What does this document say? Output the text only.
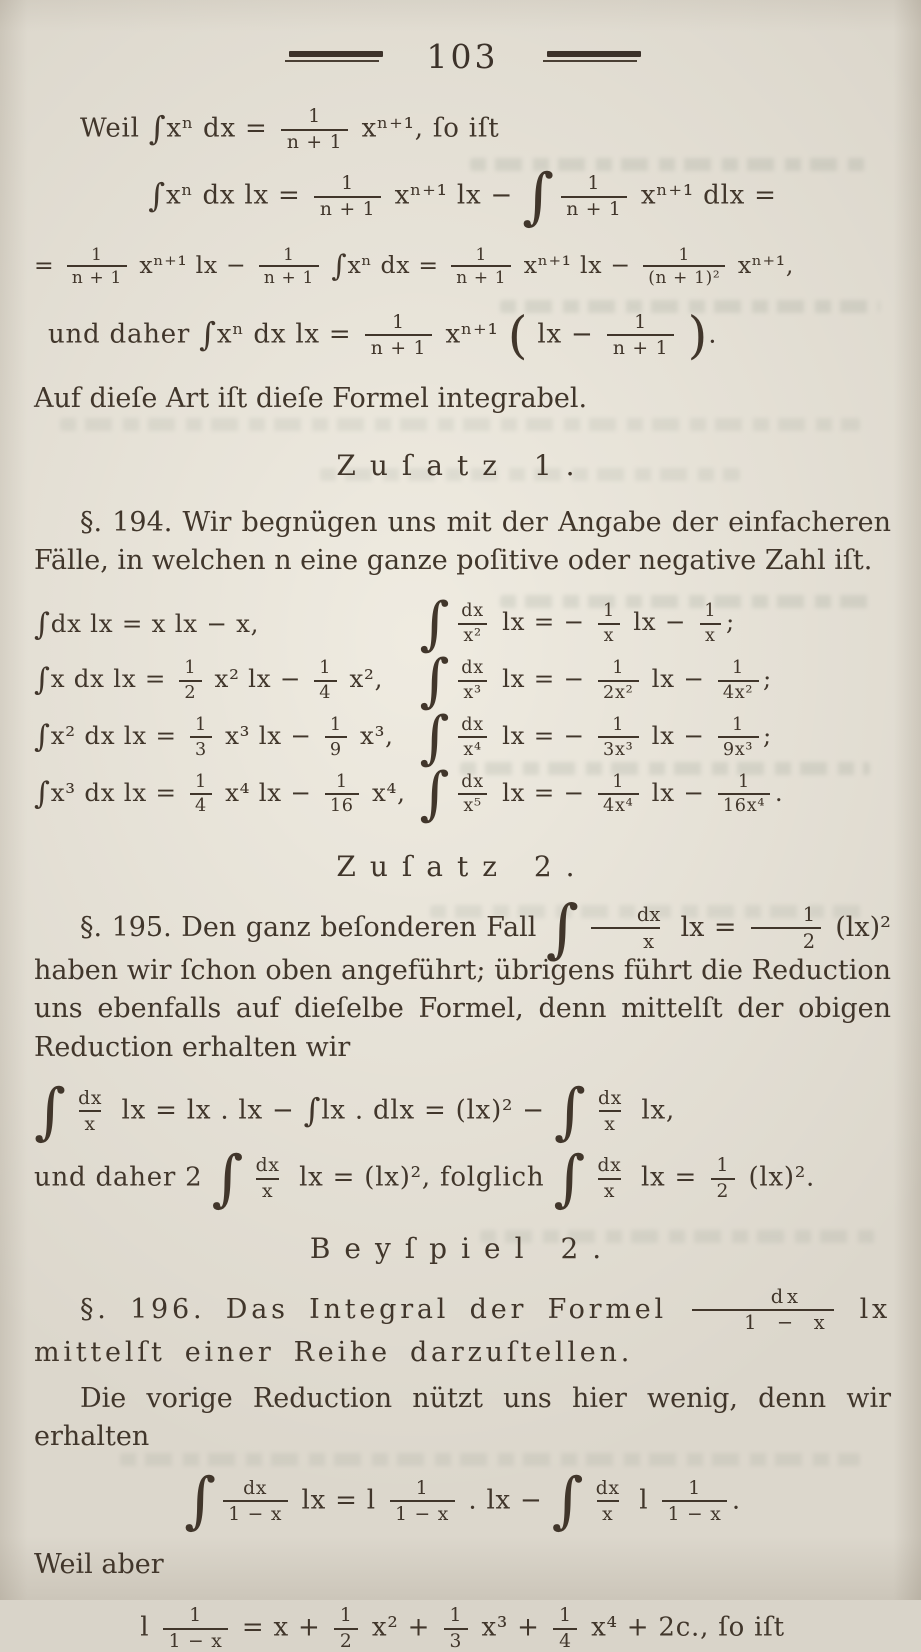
103
Weil ∫xⁿ dx = $\frac{1}{n + 1} x^{n+1}$, ſo iſt
∫xⁿ dx lx = $\frac{1}{n + 1} x^{n+1}$ lx − ∫ $\frac{1}{n + 1} x^{n+1}$ dlx =
= $\frac{1}{n + 1} x^{n+1}$ lx − $\frac{1}{n + 1} \int x^n$ dx = $\frac{1}{n + 1} x^{n+1}$ lx − $\frac{1}{\text{(n + 1)²}} x^{n+1}$,
und daher ∫xⁿ dx lx = $\frac{1}{n + 1} x^{n+1}$ ( lx − $\frac{1}{n + 1}$ ).
Auf dieſe Art iſt dieſe Formel integrabel.
Zuſatz 1.
§. 194. Wir begnügen uns mit der Angabe der einfacheren Fälle, in welchen n eine ganze poſitive oder negative Zahl iſt.
∫dx lx = x lx − x,	∫ $\frac{dx}{\text{x²}}$ lx = − $\frac{1}{x}$ lx − $\frac{1}{x}$ ;
∫x dx lx = $\frac{1}{2} x^2$ lx − $\frac{1}{4} x^2$, ∫ $\frac{dx}{\text{x³}}$ lx = − $\frac{1}{\text{2x²}}$ lx − $\frac{1}{\text{4x²}}$ ;
∫x² dx lx = $\frac{1}{3} x^3$ lx − $\frac{1}{9} x^3$, ∫ $\frac{dx}{\text{x⁴}}$ lx = − $\frac{1}{\text{3x³}}$ lx − $\frac{1}{\text{9x³}}$ ;
∫x³ dx lx = $\frac{1}{4} x^4$ lx − $\frac{1}{16} x^4$, ∫ $\frac{dx}{\text{x⁵}}$ lx = − $\frac{1}{\text{4x⁴}}$ lx − $\frac{1}{\text{16x⁴}}$ .
Zuſatz 2.
§. 195. Den ganz beſonderen Fall ∫ $\frac{dx}{x}$ lx = $\frac{1}{2} (lx)^2$ haben wir ſchon oben angeführt; übrigens führt die Reduction uns ebenfalls auf dieſelbe Formel, denn mittelſt der obigen Reduction erhalten wir
∫ $\frac{dx}{x}$ lx = lx . lx − ∫lx . dlx = (lx)² − ∫ $\frac{dx}{x}$ lx,
und daher 2 ∫ $\frac{dx}{x}$ lx = (lx)², folglich ∫ $\frac{dx}{x}$ lx = $\frac{1}{2} (lx)^2$.
Beyſpiel 2.
§. 196. Das Integral der Formel $\frac{dx}{1 - x}$ lx mittelſt einer Reihe darzuſtellen.
Die vorige Reduction nützt uns hier wenig, denn wir erhalten
∫ $\frac{dx}{1 - x}$ lx = l $\frac{1}{1 - x}$ . lx − ∫ $\frac{dx}{x}$ l $\frac{1}{1 - x}$ .
Weil aber
l $\frac{1}{1 - x} = x + \frac{1}{2} x^2 + \frac{1}{3} x^3 + \frac{1}{4} x^4 + 2c$., ſo iſt
